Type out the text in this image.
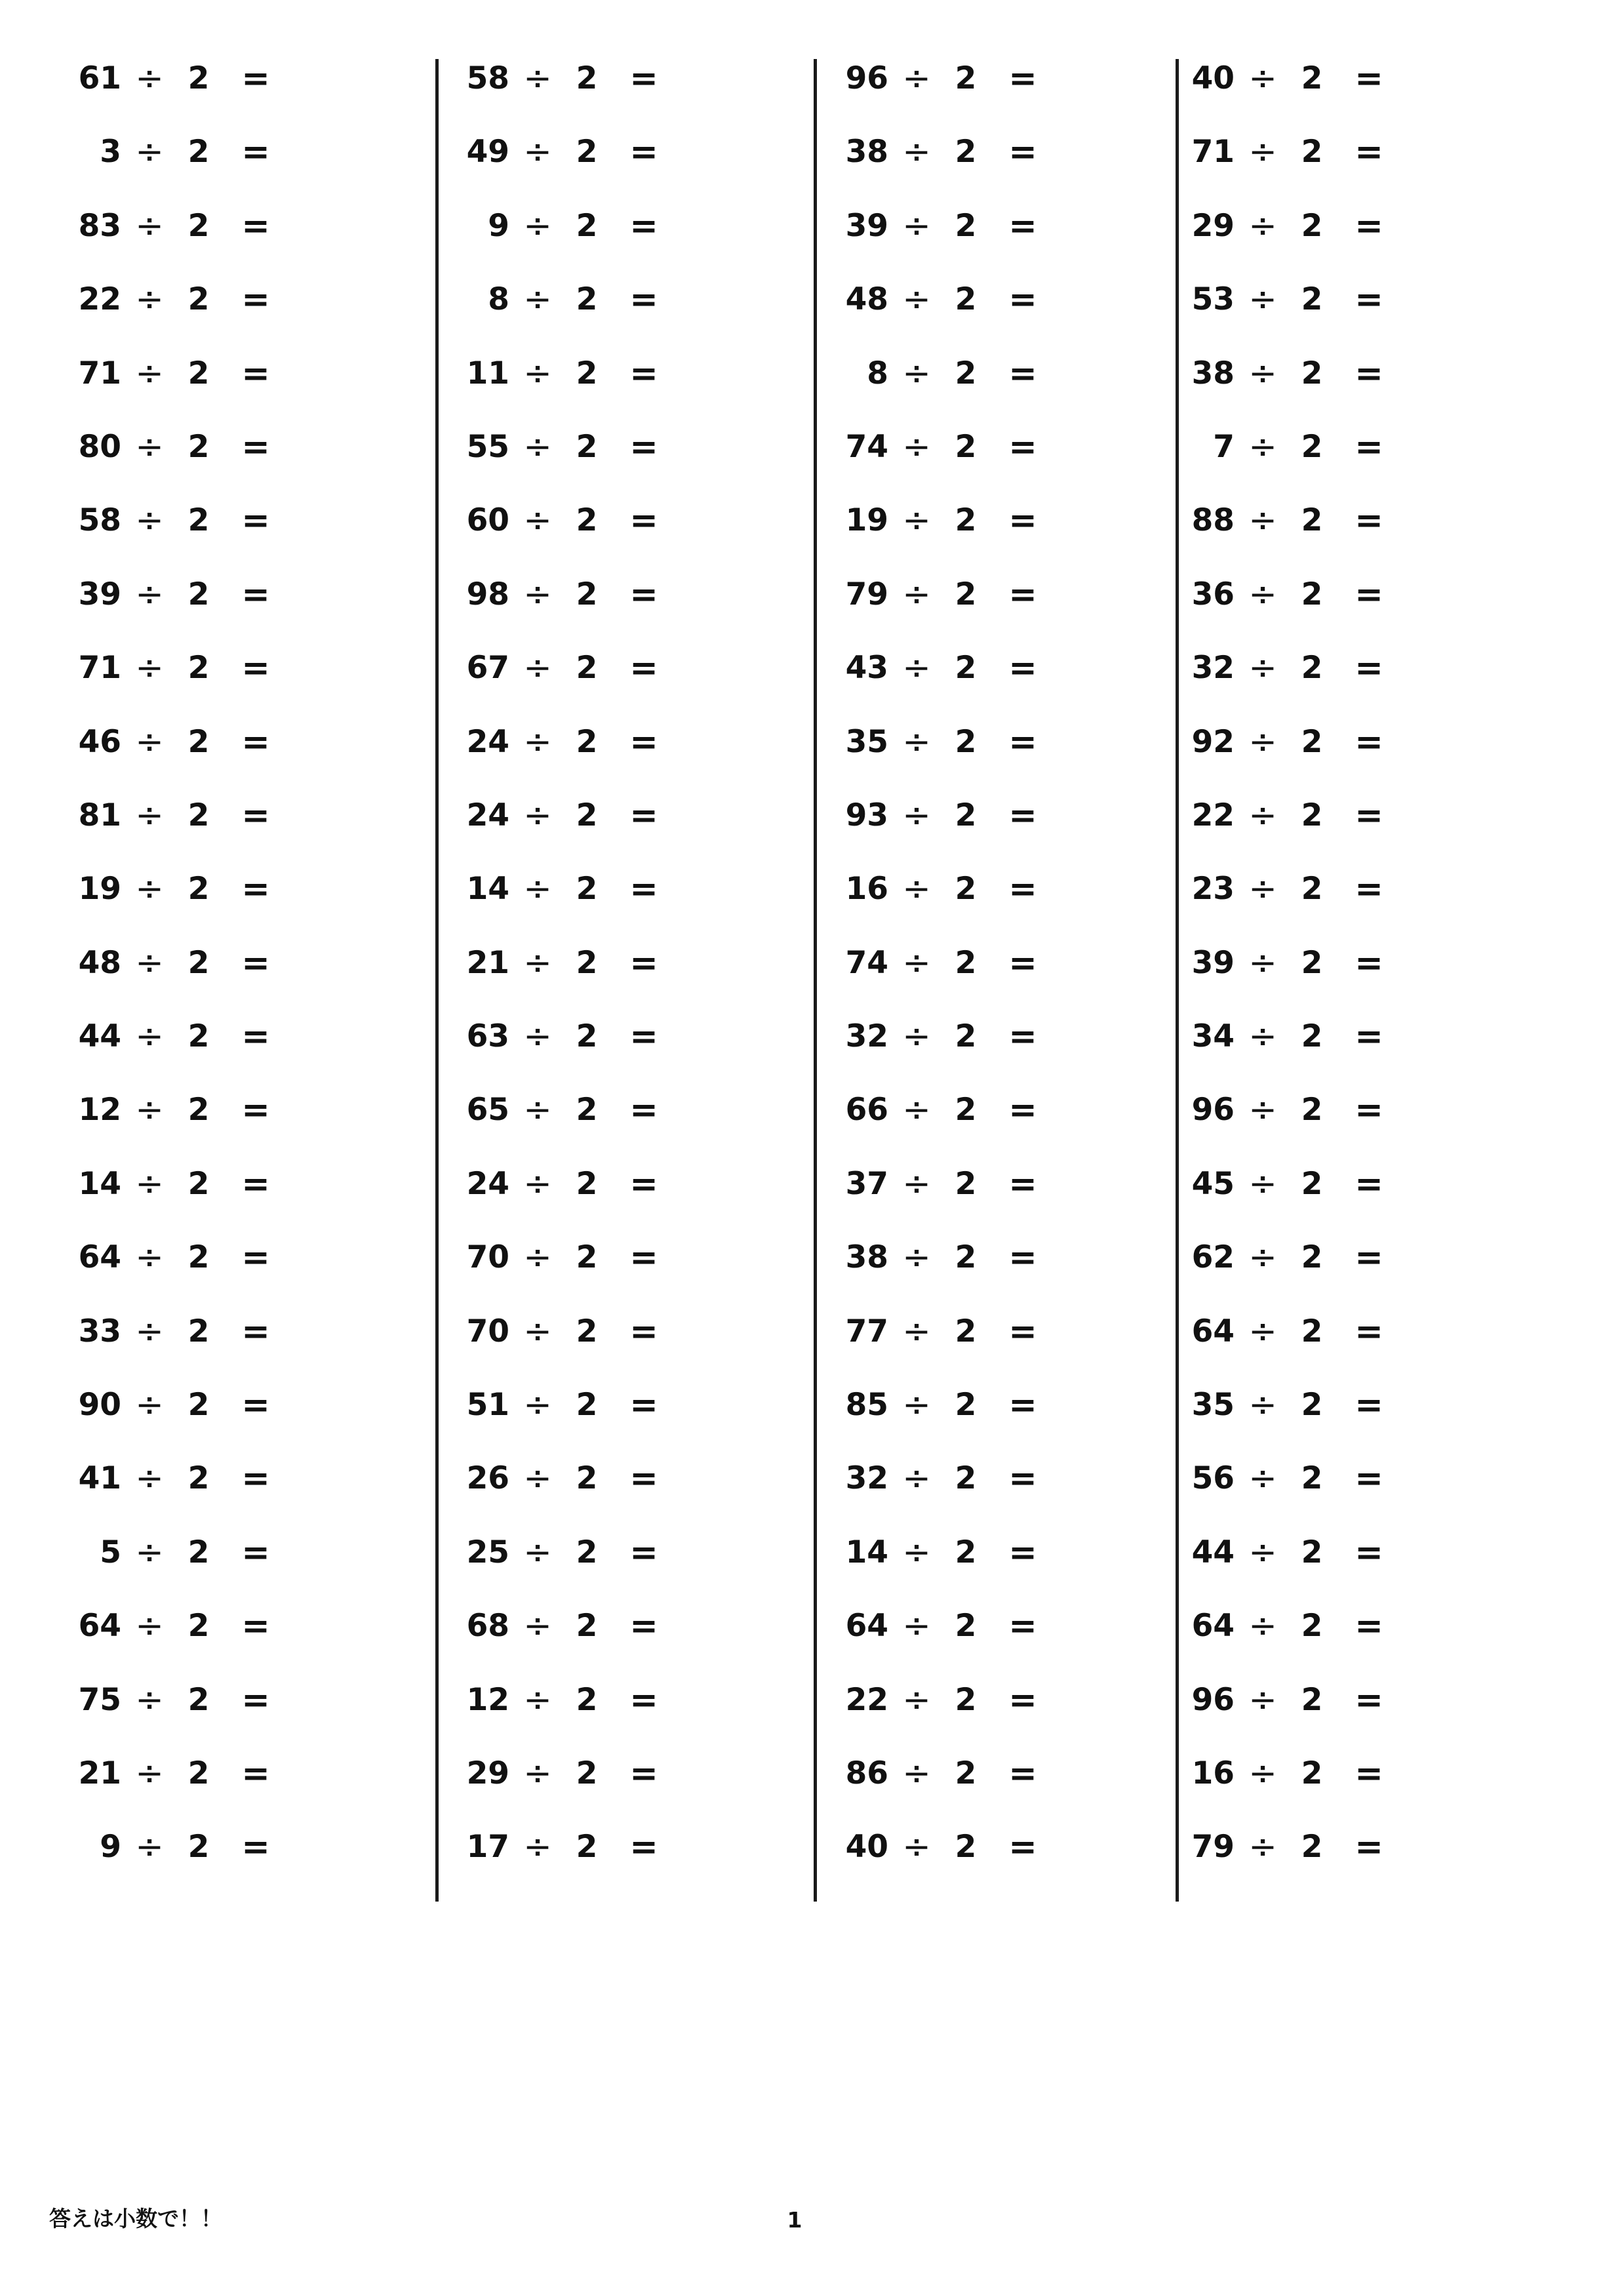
61 ÷ 2 =
3 ÷ 2 =
83 ÷ 2 =
22 ÷ 2 =
71 ÷ 2 =
80 ÷ 2 =
58 ÷ 2 =
39 ÷ 2 =
71 ÷ 2 =
46 ÷ 2 =
81 ÷ 2 =
19 ÷ 2 =
48 ÷ 2 =
44 ÷ 2 =
12 ÷ 2 =
14 ÷ 2 =
64 ÷ 2 =
33 ÷ 2 =
90 ÷ 2 =
41 ÷ 2 =
5 ÷ 2 =
64 ÷ 2 =
75 ÷ 2 =
21 ÷ 2 =
9 ÷ 2 =
58 ÷ 2 =
49 ÷ 2 =
9 ÷ 2 =
8 ÷ 2 =
11 ÷ 2 =
55 ÷ 2 =
60 ÷ 2 =
98 ÷ 2 =
67 ÷ 2 =
24 ÷ 2 =
24 ÷ 2 =
14 ÷ 2 =
21 ÷ 2 =
63 ÷ 2 =
65 ÷ 2 =
24 ÷ 2 =
70 ÷ 2 =
70 ÷ 2 =
51 ÷ 2 =
26 ÷ 2 =
25 ÷ 2 =
68 ÷ 2 =
12 ÷ 2 =
29 ÷ 2 =
17 ÷ 2 =
96 ÷ 2 =
38 ÷ 2 =
39 ÷ 2 =
48 ÷ 2 =
8 ÷ 2 =
74 ÷ 2 =
19 ÷ 2 =
79 ÷ 2 =
43 ÷ 2 =
35 ÷ 2 =
93 ÷ 2 =
16 ÷ 2 =
74 ÷ 2 =
32 ÷ 2 =
66 ÷ 2 =
37 ÷ 2 =
38 ÷ 2 =
77 ÷ 2 =
85 ÷ 2 =
32 ÷ 2 =
14 ÷ 2 =
64 ÷ 2 =
22 ÷ 2 =
86 ÷ 2 =
40 ÷ 2 =
40 ÷ 2 =
71 ÷ 2 =
29 ÷ 2 =
53 ÷ 2 =
38 ÷ 2 =
7 ÷ 2 =
88 ÷ 2 =
36 ÷ 2 =
32 ÷ 2 =
92 ÷ 2 =
22 ÷ 2 =
23 ÷ 2 =
39 ÷ 2 =
34 ÷ 2 =
96 ÷ 2 =
45 ÷ 2 =
62 ÷ 2 =
64 ÷ 2 =
35 ÷ 2 =
56 ÷ 2 =
44 ÷ 2 =
64 ÷ 2 =
96 ÷ 2 =
16 ÷ 2 =
79 ÷ 2 =
答えは小数で！！	1
